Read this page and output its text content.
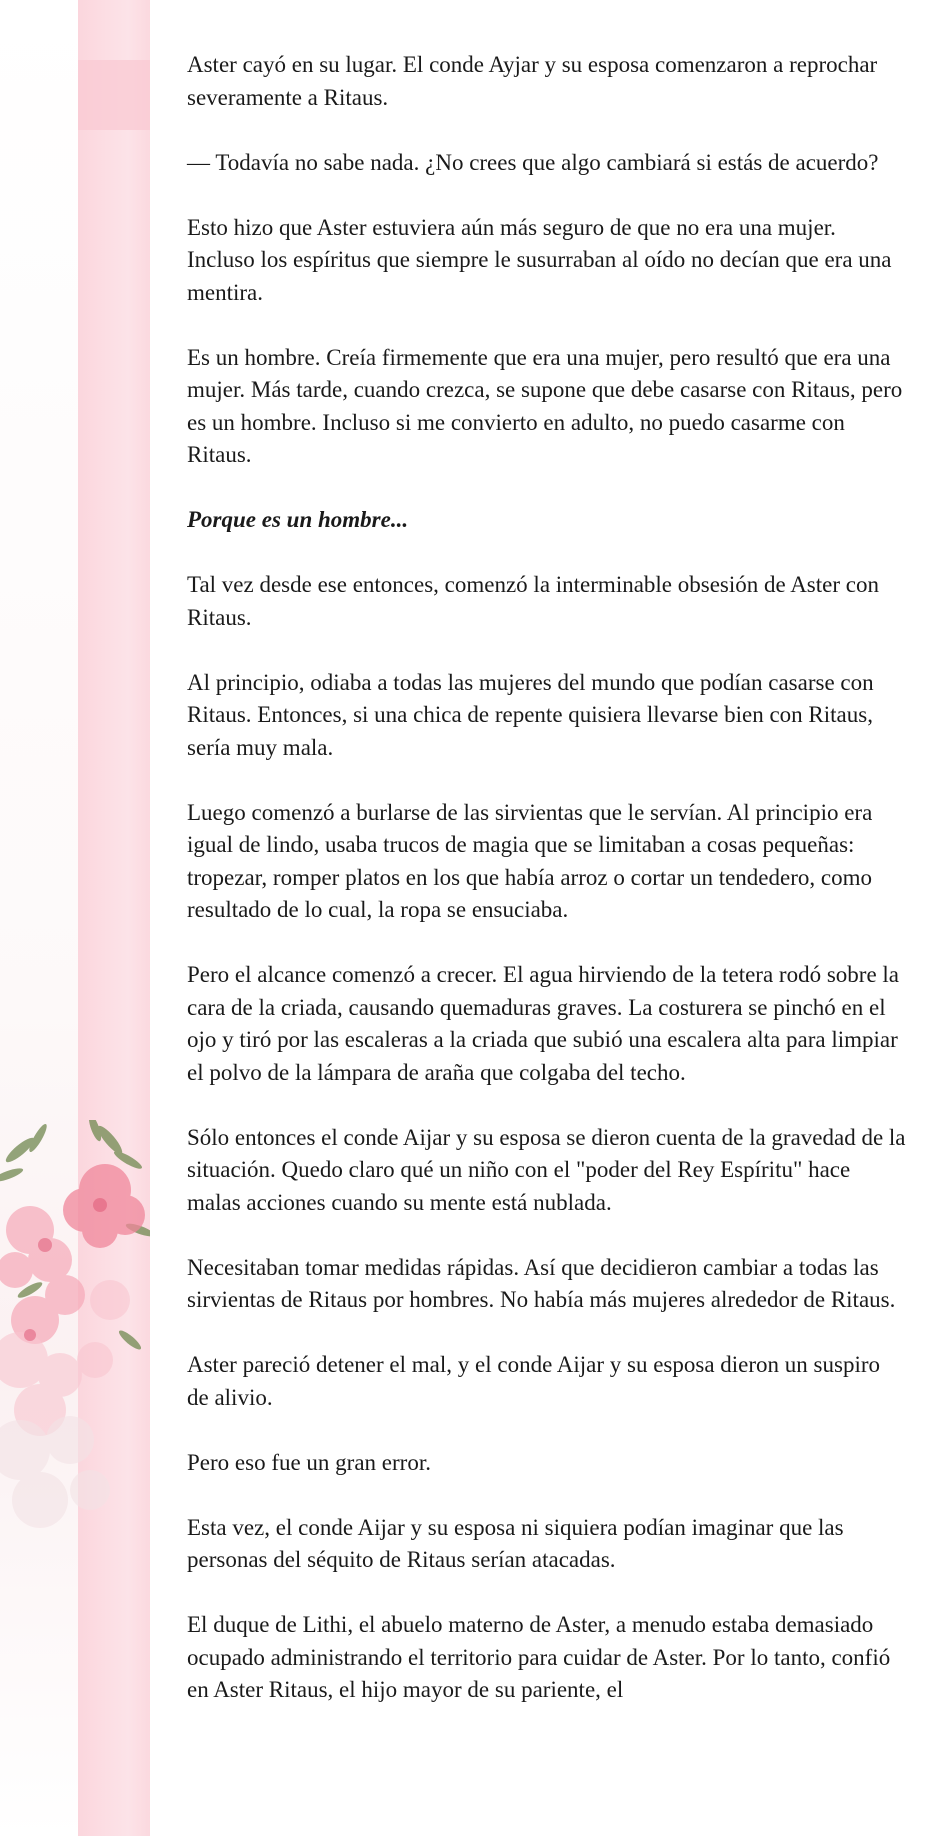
Aster cayó en su lugar. El conde Ayjar y su esposa comenzaron a reprochar severamente a Ritaus.

— Todavía no sabe nada. ¿No crees que algo cambiará si estás de acuerdo?

Esto hizo que Aster estuviera aún más seguro de que no era una mujer. Incluso los espíritus que siempre le susurraban al oído no decían que era una mentira.

Es un hombre. Creía firmemente que era una mujer, pero resultó que era una mujer. Más tarde, cuando crezca, se supone que debe casarse con Ritaus, pero es un hombre. Incluso si me convierto en adulto, no puedo casarme con Ritaus.

Porque es un hombre...

Tal vez desde ese entonces, comenzó la interminable obsesión de Aster con Ritaus.

Al principio, odiaba a todas las mujeres del mundo que podían casarse con Ritaus. Entonces, si una chica de repente quisiera llevarse bien con Ritaus, sería muy mala.

Luego comenzó a burlarse de las sirvientas que le servían. Al principio era igual de lindo, usaba trucos de magia que se limitaban a cosas pequeñas: tropezar, romper platos en los que había arroz o cortar un tendedero, como resultado de lo cual, la ropa se ensuciaba.

Pero el alcance comenzó a crecer. El agua hirviendo de la tetera rodó sobre la cara de la criada, causando quemaduras graves. La costurera se pinchó en el ojo y tiró por las escaleras a la criada que subió una escalera alta para limpiar el polvo de la lámpara de araña que colgaba del techo.

Sólo entonces el conde Aijar y su esposa se dieron cuenta de la gravedad de la situación. Quedo claro qué un niño con el "poder del Rey Espíritu" hace malas acciones cuando su mente está nublada.

Necesitaban tomar medidas rápidas. Así que decidieron cambiar a todas las sirvientas de Ritaus por hombres. No había más mujeres alrededor de Ritaus.

Aster pareció detener el mal, y el conde Aijar y su esposa dieron un suspiro de alivio.

Pero eso fue un gran error.

Esta vez, el conde Aijar y su esposa ni siquiera podían imaginar que las personas del séquito de Ritaus serían atacadas.

El duque de Lithi, el abuelo materno de Aster, a menudo estaba demasiado ocupado administrando el territorio para cuidar de Aster. Por lo tanto, confió en Aster Ritaus, el hijo mayor de su pariente, el
